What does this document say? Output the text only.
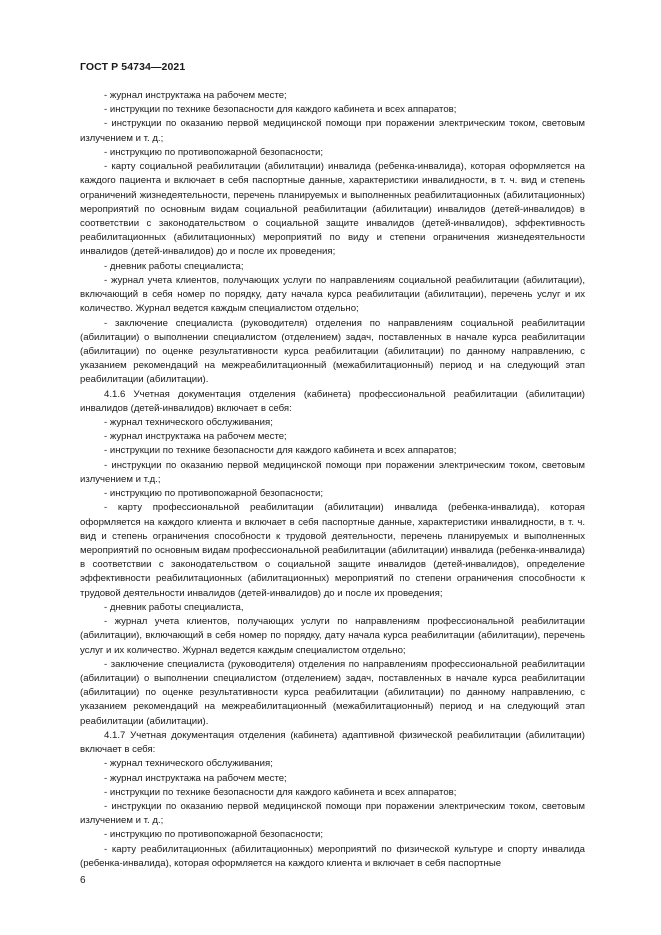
ГОСТ Р 54734—2021

- журнал инструктажа на рабочем месте;

- инструкции по технике безопасности для каждого кабинета и всех аппаратов;

- инструкции по оказанию первой медицинской помощи при поражении электрическим током, световым излучением и т. д.;

- инструкцию по противопожарной безопасности;

- карту социальной реабилитации (абилитации) инвалида (ребенка-инвалида), которая оформляется на каждого пациента и включает в себя паспортные данные, характеристики инвалидности, в т. ч. вид и степень ограничений жизнедеятельности, перечень планируемых и выполненных реабилитационных (абилитационных) мероприятий по основным видам социальной реабилитации (абилитации) инвалидов (детей-инвалидов) в соответствии с законодательством о социальной защите инвалидов (детей-инвалидов), эффективность реабилитационных (абилитационных) мероприятий по виду и степени ограничения жизнедеятельности инвалидов (детей-инвалидов) до и после их проведения;

- дневник работы специалиста;

- журнал учета клиентов, получающих услуги по направлениям социальной реабилитации (абилитации), включающий в себя номер по порядку, дату начала курса реабилитации (абилитации), перечень услуг и их количество. Журнал ведется каждым специалистом отдельно;

- заключение специалиста (руководителя) отделения по направлениям социальной реабилитации (абилитации) о выполнении специалистом (отделением) задач, поставленных в начале курса реабилитации (абилитации) по оценке результативности курса реабилитации (абилитации) по данному направлению, с указанием рекомендаций на межреабилитационный (межабилитационный) период и на следующий этап реабилитации (абилитации).

4.1.6 Учетная документация отделения (кабинета) профессиональной реабилитации (абилитации) инвалидов (детей-инвалидов) включает в себя:

- журнал технического обслуживания;

- журнал инструктажа на рабочем месте;

- инструкции по технике безопасности для каждого кабинета и всех аппаратов;

- инструкции по оказанию первой медицинской помощи при поражении электрическим током, световым излучением и т.д.;

- инструкцию по противопожарной безопасности;

- карту профессиональной реабилитации (абилитации) инвалида (ребенка-инвалида), которая оформляется на каждого клиента и включает в себя паспортные данные, характеристики инвалидности, в т. ч. вид и степень ограничения способности к трудовой деятельности, перечень планируемых и выполненных мероприятий по основным видам профессиональной реабилитации (абилитации) инвалида (ребенка-инвалида) в соответствии с законодательством о социальной защите инвалидов (детей-инвалидов), определение эффективности реабилитационных (абилитационных) мероприятий по степени ограничения способности к трудовой деятельности инвалидов (детей-инвалидов) до и после их проведения;

- дневник работы специалиста,

- журнал учета клиентов, получающих услуги по направлениям профессиональной реабилитации (абилитации), включающий в себя номер по порядку, дату начала курса реабилитации (абилитации), перечень услуг и их количество. Журнал ведется каждым специалистом отдельно;

- заключение специалиста (руководителя) отделения по направлениям профессиональной реабилитации (абилитации) о выполнении специалистом (отделением) задач, поставленных в начале курса реабилитации (абилитации) по оценке результативности курса реабилитации (абилитации) по данному направлению, с указанием рекомендаций на межреабилитационный (межабилитационный) период и на следующий этап реабилитации (абилитации).

4.1.7 Учетная документация отделения (кабинета) адаптивной физической реабилитации (абилитации) включает в себя:

- журнал технического обслуживания;

- журнал инструктажа на рабочем месте;

- инструкции по технике безопасности для каждого кабинета и всех аппаратов;

- инструкции по оказанию первой медицинской помощи при поражении электрическим током, световым излучением и т. д.;

- инструкцию по противопожарной безопасности;

- карту реабилитационных (абилитационных) мероприятий по физической культуре и спорту инвалида (ребенка-инвалида), которая оформляется на каждого клиента и включает в себя паспортные

6
